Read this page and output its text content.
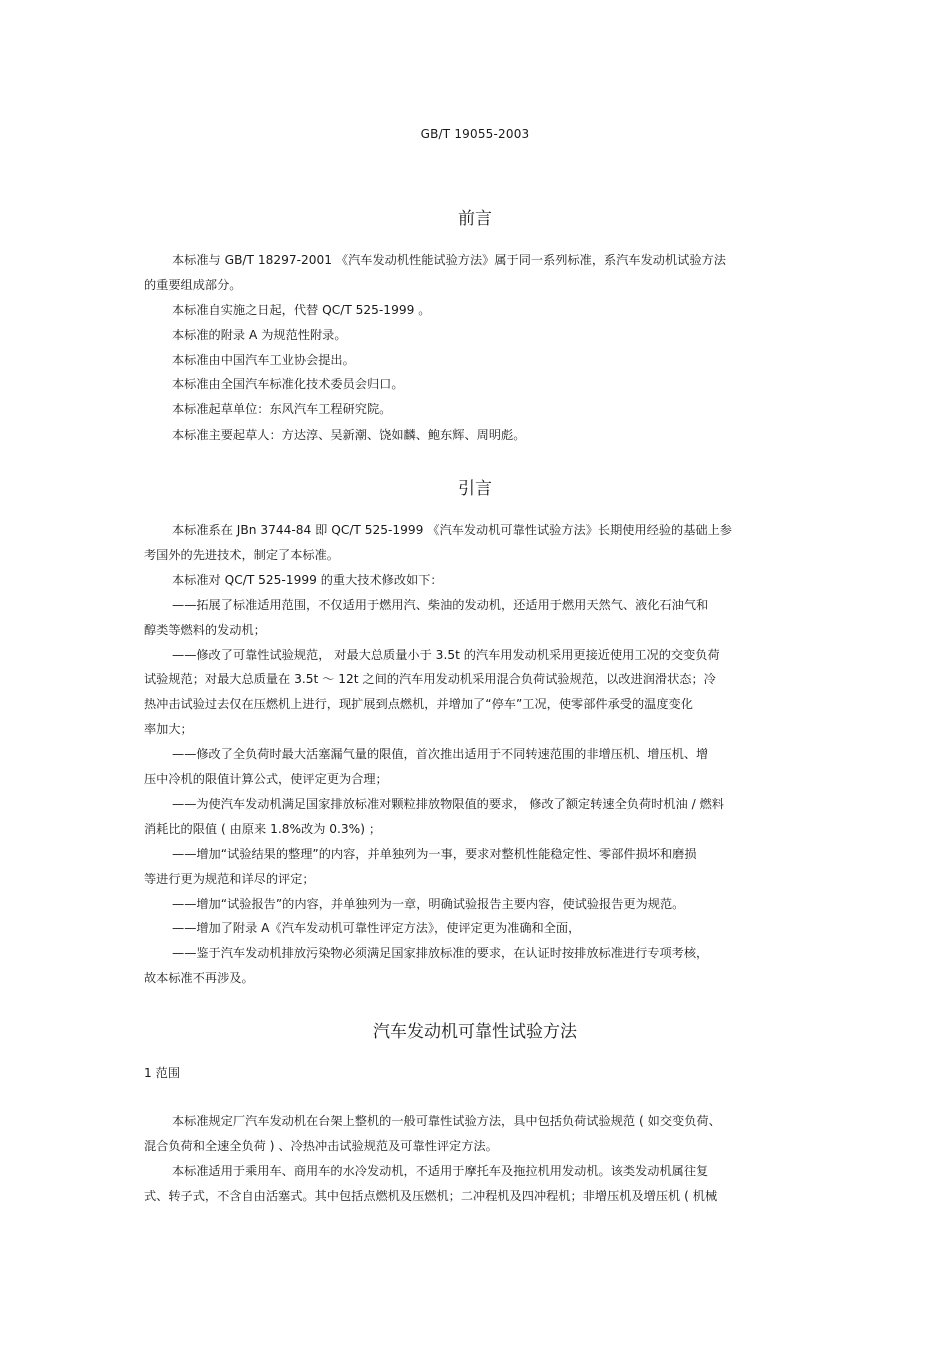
GB/T 19055-2003
前言

本标准与 GB/T 18297-2001 《汽车发动机性能试验方法》属于同一系列标准，系汽车发动机试验方法

的重要组成部分。

本标准自实施之日起，代替 QC/T 525-1999 。

本标准的附录 A 为规范性附录。

本标准由中国汽车工业协会提出。

本标准由全国汽车标准化技术委员会归口。

本标准起草单位：东风汽车工程研究院。

本标准主要起草人：方达淳、吴新潮、饶如麟、鲍东辉、周明彪。

引言

本标准系在 JBn 3744-84 即 QC/T 525-1999 《汽车发动机可靠性试验方法》长期使用经验的基础上参

考国外的先进技术，制定了本标准。

本标准对 QC/T 525-1999 的重大技术修改如下：

——拓展了标准适用范围，不仅适用于燃用汽、柴油的发动机，还适用于燃用天然气、液化石油气和

醇类等燃料的发动机；

——修改了可靠性试验规范， 对最大总质量小于 3.5t 的汽车用发动机采用更接近使用工况的交变负荷

试验规范；对最大总质量在 3.5t ～ 12t 之间的汽车用发动机采用混合负荷试验规范，以改进润滑状态；冷

热冲击试验过去仅在压燃机上进行，现扩展到点燃机，并增加了“停车”工况，使零部件承受的温度变化

率加大；

——修改了全负荷时最大活塞漏气量的限值，首次推出适用于不同转速范围的非增压机、增压机、增

压中冷机的限值计算公式，使评定更为合理；

——为使汽车发动机满足国家排放标准对颗粒排放物限值的要求， 修改了额定转速全负荷时机油 / 燃料

消耗比的限值 ( 由原来 1.8%改为 0.3%) ；

——增加“试验结果的整理”的内容，并单独列为一事，要求对整机性能稳定性、零部件损坏和磨损

等进行更为规范和详尽的评定；

——增加“试验报告”的内容，并单独列为一章，明确试验报告主要内容，使试验报告更为规范。

——增加了附录 A《汽车发动机可靠性评定方法》，使评定更为准确和全面，

——鉴于汽车发动机排放污染物必须满足国家排放标准的要求，在认证时按排放标准进行专项考核，

故本标准不再涉及。

汽车发动机可靠性试验方法

1 范围

本标准规定厂汽车发动机在台架上整机的一般可靠性试验方法，具中包括负荷试验规范 ( 如交变负荷、

混合负荷和全速全负荷 ) 、冷热冲击试验规范及可靠性评定方法。

本标准适用于乘用车、商用车的水冷发动机，不适用于摩托车及拖拉机用发动机。该类发动机属往复

式、转子式，不含自由活塞式。其中包括点燃机及压燃机；二冲程机及四冲程机；非增压机及增压机 ( 机械
